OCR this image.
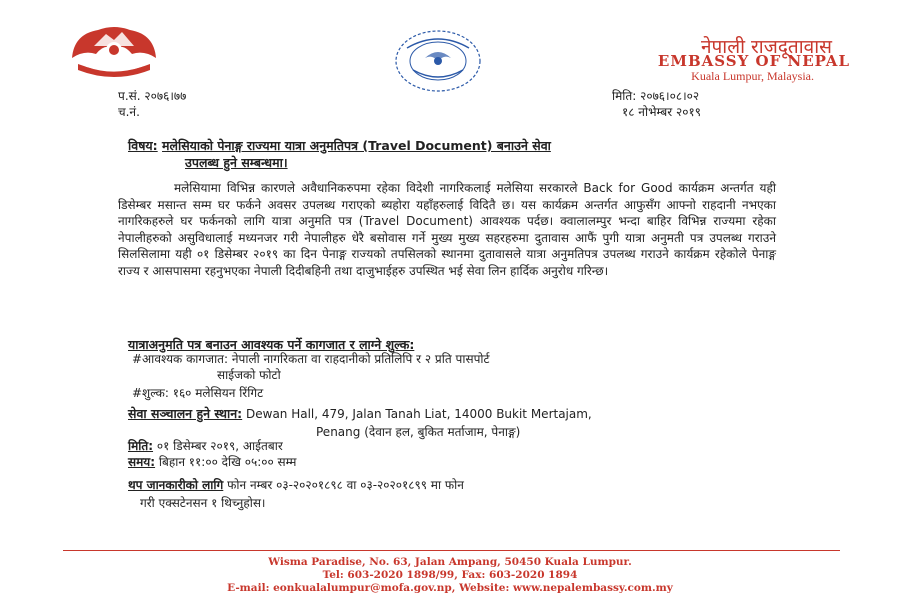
नेपाली राजदूतावास
EMBASSY OF NEPAL
Kuala Lumpur, Malaysia.
प.सं. २०७६।७७
च.नं.
मिति: २०७६।०८।०२
१८ नोभेम्बर २०१९
विषय: मलेसियाको पेनाङ्ग राज्यमा यात्रा अनुमतिपत्र (Travel Document) बनाउने सेवा
उपलब्ध हुने सम्बन्धमा।
मलेसियामा विभिन्न कारणले अवैधानिकरुपमा रहेका विदेशी नागरिकलाई मलेसिया सरकारले Back for Good कार्यक्रम अन्तर्गत यही डिसेम्बर मसान्त सम्म घर फर्कने अवसर उपलब्ध गराएको ब्यहोरा यहाँहरुलाई विदितै छ। यस कार्यक्रम अन्तर्गत आफुसँग आफ्नो राहदानी नभएका नागरिकहरुले घर फर्कनको लागि यात्रा अनुमति पत्र (Travel Document) आवश्यक पर्दछ। क्वालालम्पुर भन्दा बाहिर विभिन्न राज्यमा रहेका नेपालीहरुको असुविधालाई मध्यनजर गरी नेपालीहरु धेरै बसोवास गर्ने मुख्य मुख्य सहरहरुमा दुतावास आफैं पुगी यात्रा अनुमती पत्र उपलब्ध गराउने सिलसिलामा यही ०१ डिसेम्बर २०१९ का दिन पेनाङ्ग राज्यको तपसिलको स्थानमा दुतावासले यात्रा अनुमतिपत्र उपलब्ध गराउने कार्यक्रम रहेकोले पेनाङ्ग राज्य र आसपासमा रहनुभएका नेपाली दिदीबहिनी तथा दाजुभाईहरु उपस्थित भई सेवा लिन हार्दिक अनुरोध गरिन्छ।
यात्राअनुमति पत्र बनाउन आवश्यक पर्ने कागजात र लाग्ने शुल्क:
#आवश्यक कागजात: नेपाली नागरिकता वा राहदानीको प्रतिलिपि र २ प्रति पासपोर्ट
साईजको फोटो
#शुल्क: १६० मलेसियन रिंगिट
सेवा सञ्चालन हुने स्थान: Dewan Hall, 479, Jalan Tanah Liat, 14000 Bukit Mertajam,
Penang (देवान हल, बुकित मर्ताजाम, पेनाङ्ग)
मिति: ०१ डिसेम्बर २०१९, आईतबार
समय: बिहान ११:०० देखि ०५:०० सम्म
थप जानकारीको लागि फोन नम्बर ०३-२०२०१८९८ वा ०३-२०२०१८९९ मा फोन
गरी एक्सटेनसन १ थिच्नुहोस।
Wisma Paradise, No. 63, Jalan Ampang, 50450 Kuala Lumpur.
Tel: 603-2020 1898/99, Fax: 603-2020 1894
E-mail: eonkualalumpur@mofa.gov.np, Website: www.nepalembassy.com.my
